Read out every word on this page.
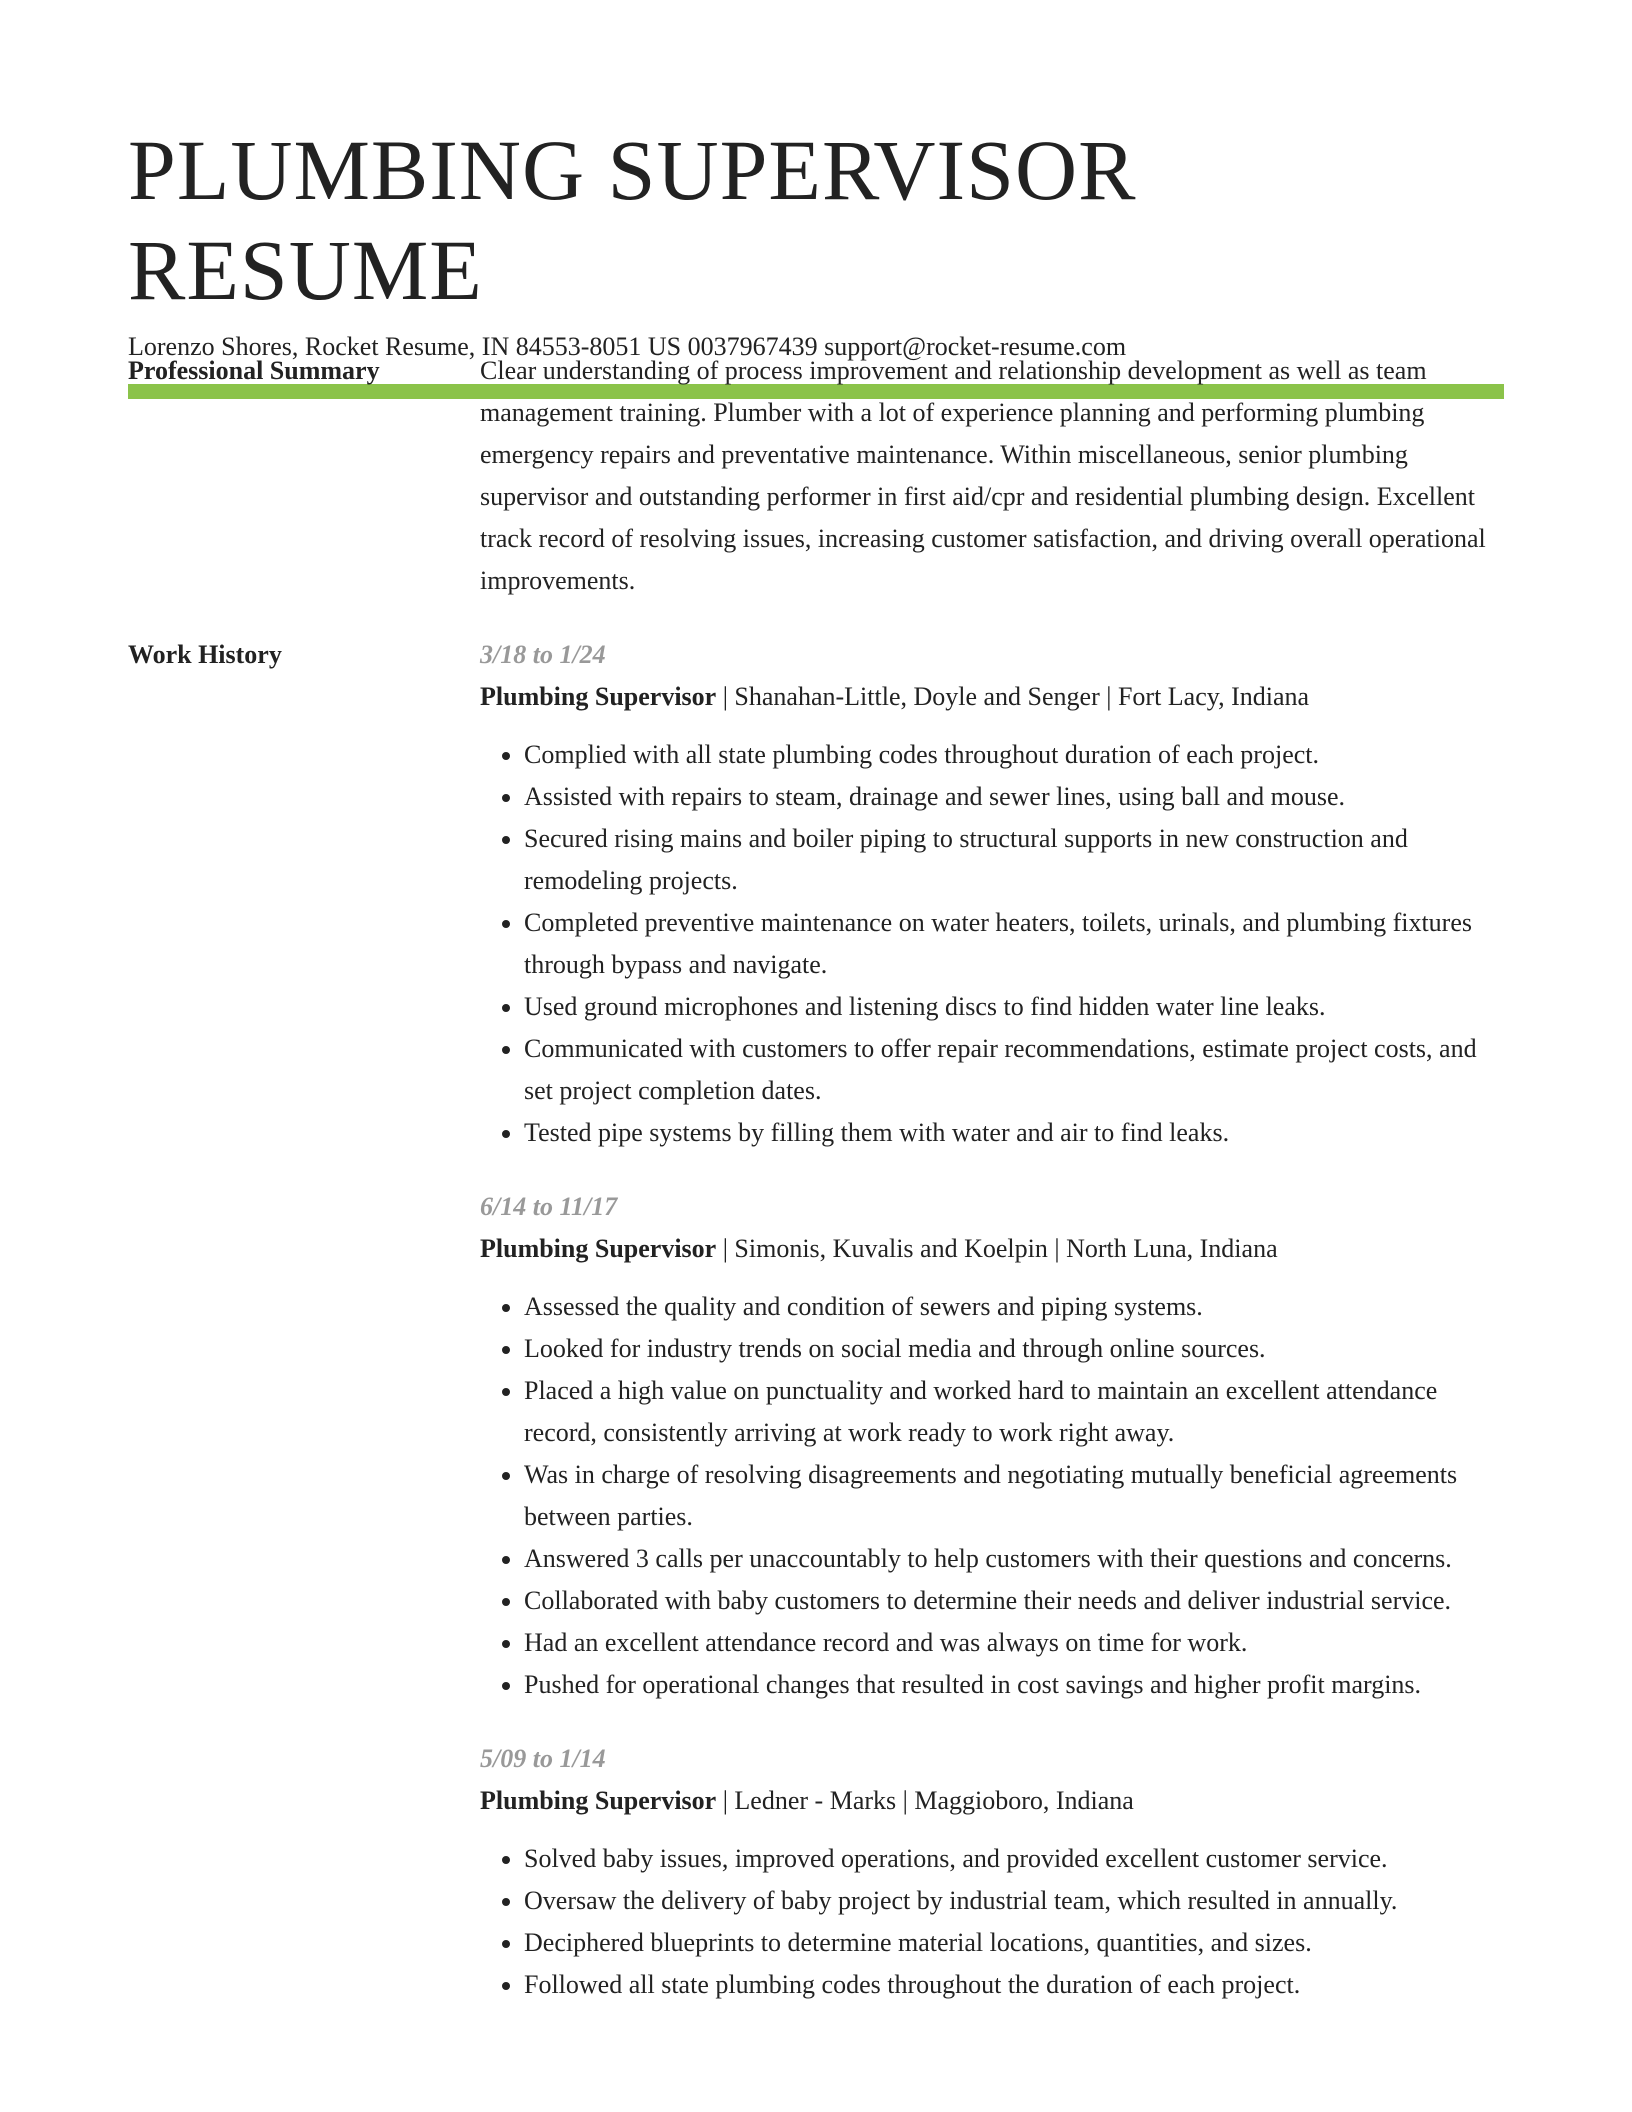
PLUMBING SUPERVISOR RESUME
Lorenzo Shores, Rocket Resume, IN 84553-8051 US 0037967439 support@rocket-resume.com
Professional Summary	Clear understanding of process improvement and relationship development as well as team management training. Plumber with a lot of experience planning and performing plumbing emergency repairs and preventative maintenance. Within miscellaneous, senior plumbing supervisor and outstanding performer in first aid/cpr and residential plumbing design. Excellent track record of resolving issues, increasing customer satisfaction, and driving overall operational improvements.

Work History	3/18 to 1/24
Plumbing Supervisor | Shanahan-Little, Doyle and Senger | Fort Lacy, Indiana
• Complied with all state plumbing codes throughout duration of each project.
• Assisted with repairs to steam, drainage and sewer lines, using ball and mouse.
• Secured rising mains and boiler piping to structural supports in new construction and remodeling projects.
• Completed preventive maintenance on water heaters, toilets, urinals, and plumbing fixtures through bypass and navigate.
• Used ground microphones and listening discs to find hidden water line leaks.
• Communicated with customers to offer repair recommendations, estimate project costs, and set project completion dates.
• Tested pipe systems by filling them with water and air to find leaks.
6/14 to 11/17
Plumbing Supervisor | Simonis, Kuvalis and Koelpin | North Luna, Indiana
• Assessed the quality and condition of sewers and piping systems.
• Looked for industry trends on social media and through online sources.
• Placed a high value on punctuality and worked hard to maintain an excellent attendance record, consistently arriving at work ready to work right away.
• Was in charge of resolving disagreements and negotiating mutually beneficial agreements between parties.
• Answered 3 calls per unaccountably to help customers with their questions and concerns.
• Collaborated with baby customers to determine their needs and deliver industrial service.
• Had an excellent attendance record and was always on time for work.
• Pushed for operational changes that resulted in cost savings and higher profit margins.
5/09 to 1/14
Plumbing Supervisor | Ledner - Marks | Maggioboro, Indiana
• Solved baby issues, improved operations, and provided excellent customer service.
• Oversaw the delivery of baby project by industrial team, which resulted in annually.
• Deciphered blueprints to determine material locations, quantities, and sizes.
• Followed all state plumbing codes throughout the duration of each project.
